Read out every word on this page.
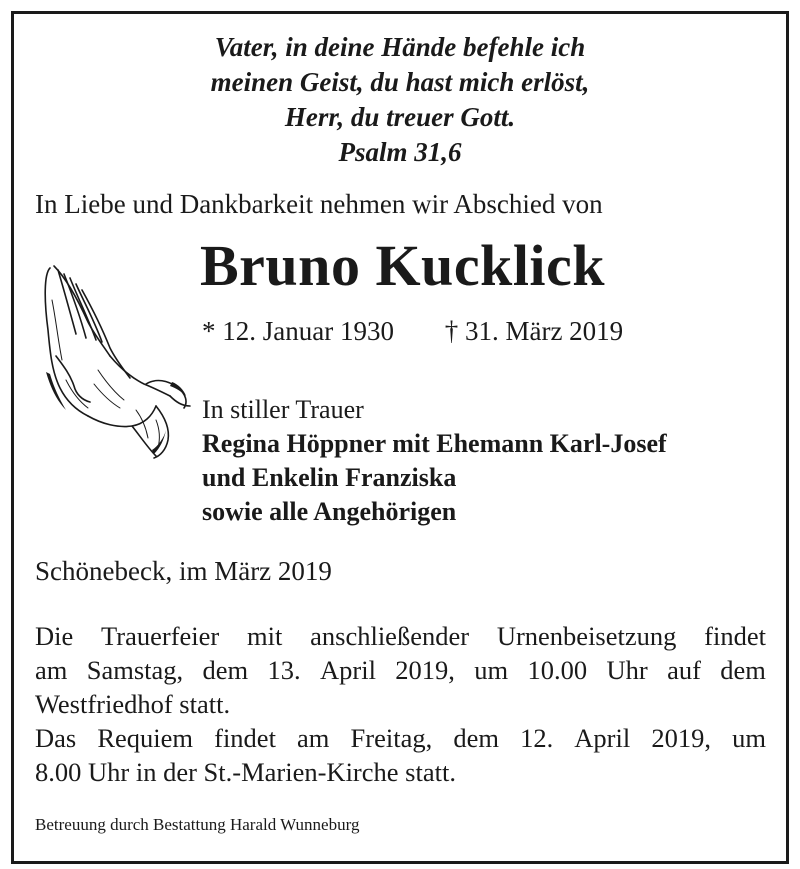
Vater, in deine Hände befehle ich
meinen Geist, du hast mich erlöst,
Herr, du treuer Gott.
Psalm 31,6
In Liebe und Dankbarkeit nehmen wir Abschied von
Bruno Kucklick
* 12. Januar 1930 † 31. März 2019
In stiller Trauer
Regina Höppner mit Ehemann Karl-Josef
und Enkelin Franziska
sowie alle Angehörigen
Schönebeck, im März 2019
Die Trauerfeier mit anschließender Urnenbeisetzung findet
am Samstag, dem 13. April 2019, um 10.00 Uhr auf dem
Westfriedhof statt.
Das Requiem findet am Freitag, dem 12. April 2019, um
8.00 Uhr in der St.-Marien-Kirche statt.
Betreuung durch Bestattung Harald Wunneburg
